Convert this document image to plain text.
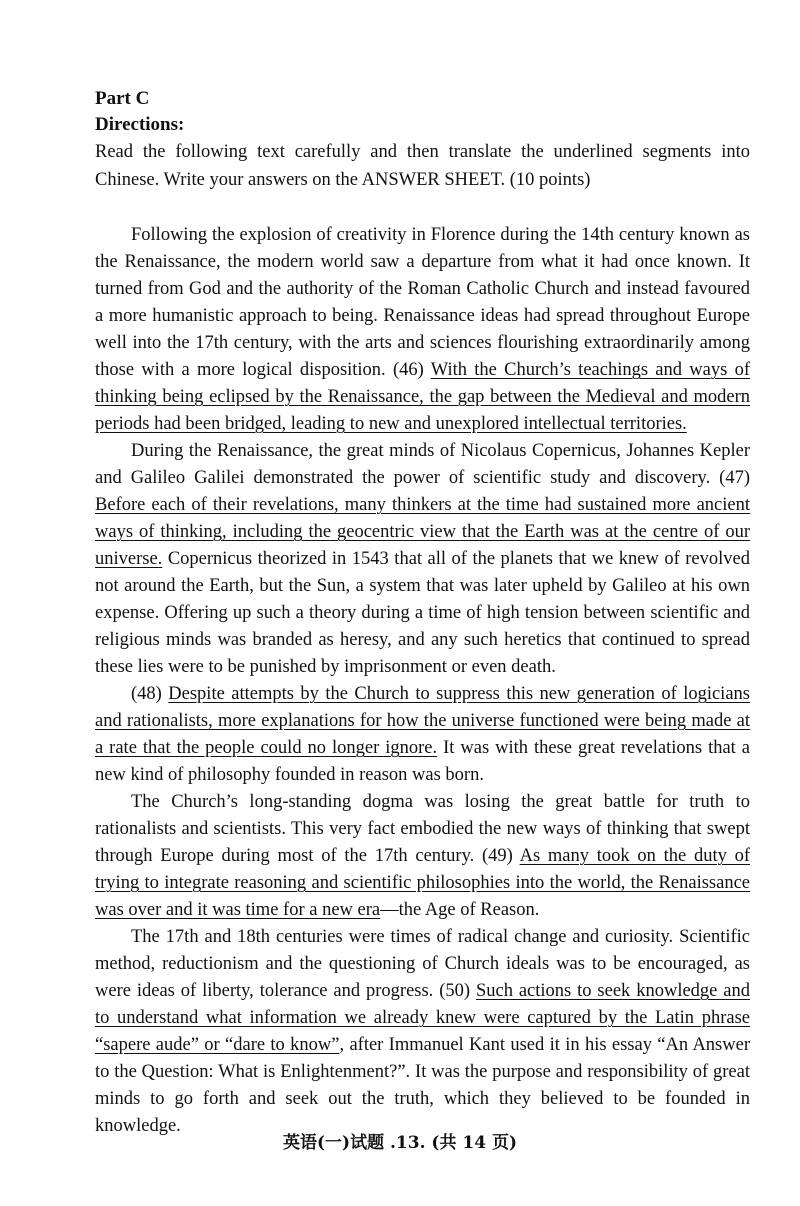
Part C

Directions:

Read the following text carefully and then translate the underlined segments into Chinese. Write your answers on the ANSWER SHEET. (10 points)

Following the explosion of creativity in Florence during the 14th century known as the Renaissance, the modern world saw a departure from what it had once known. It turned from God and the authority of the Roman Catholic Church and instead favoured a more humanistic approach to being. Renaissance ideas had spread throughout Europe well into the 17th century, with the arts and sciences flourishing extraordinarily among those with a more logical disposition. (46) With the Church’s teachings and ways of thinking being eclipsed by the Renaissance, the gap between the Medieval and modern periods had been bridged, leading to new and unexplored intellectual territories.

During the Renaissance, the great minds of Nicolaus Copernicus, Johannes Kepler and Galileo Galilei demonstrated the power of scientific study and discovery. (47) Before each of their revelations, many thinkers at the time had sustained more ancient ways of thinking, including the geocentric view that the Earth was at the centre of our universe. Copernicus theorized in 1543 that all of the planets that we knew of revolved not around the Earth, but the Sun, a system that was later upheld by Galileo at his own expense. Offering up such a theory during a time of high tension between scientific and religious minds was branded as heresy, and any such heretics that continued to spread these lies were to be punished by imprisonment or even death.

(48) Despite attempts by the Church to suppress this new generation of logicians and rationalists, more explanations for how the universe functioned were being made at a rate that the people could no longer ignore. It was with these great revelations that a new kind of philosophy founded in reason was born.

The Church’s long-standing dogma was losing the great battle for truth to rationalists and scientists. This very fact embodied the new ways of thinking that swept through Europe during most of the 17th century. (49) As many took on the duty of trying to integrate reasoning and scientific philosophies into the world, the Renaissance was over and it was time for a new era—the Age of Reason.

The 17th and 18th centuries were times of radical change and curiosity. Scientific method, reductionism and the questioning of Church ideals was to be encouraged, as were ideas of liberty, tolerance and progress. (50) Such actions to seek knowledge and to understand what information we already knew were captured by the Latin phrase “sapere aude” or “dare to know”, after Immanuel Kant used it in his essay “An Answer to the Question: What is Enlightenment?”. It was the purpose and responsibility of great minds to go forth and seek out the truth, which they believed to be founded in knowledge.

英语(一)试题 .13. (共 14 页)
